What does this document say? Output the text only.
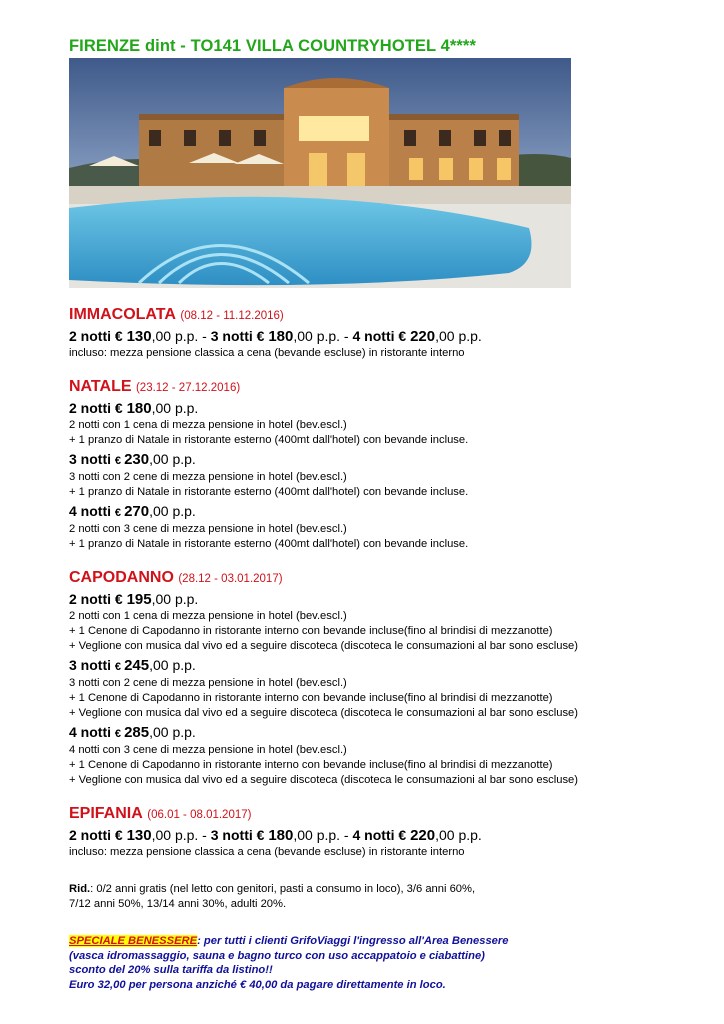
FIRENZE dint - TO141 VILLA COUNTRYHOTEL 4****
IMMACOLATA (08.12 - 11.12.2016)
2 notti € 130,00 p.p. - 3 notti € 180,00 p.p. - 4 notti € 220,00 p.p.
incluso: mezza pensione classica a cena (bevande escluse) in ristorante interno
NATALE (23.12 - 27.12.2016)
2 notti € 180,00 p.p.
2 notti con 1 cena di mezza pensione in hotel (bev.escl.)
+ 1 pranzo di Natale in ristorante esterno (400mt dall'hotel) con bevande incluse.
3 notti € 230,00 p.p.
3 notti con 2 cene di mezza pensione in hotel (bev.escl.)
+ 1 pranzo di Natale in ristorante esterno (400mt dall'hotel) con bevande incluse.
4 notti € 270,00 p.p.
2 notti con 3 cene di mezza pensione in hotel (bev.escl.)
+ 1 pranzo di Natale in ristorante esterno (400mt dall'hotel) con bevande incluse.
CAPODANNO (28.12 - 03.01.2017)
2 notti € 195,00 p.p.
2 notti con 1 cena di mezza pensione in hotel (bev.escl.)
+ 1 Cenone di Capodanno in ristorante interno con bevande incluse(fino al brindisi di mezzanotte)
+ Veglione con musica dal vivo ed a seguire discoteca (discoteca le consumazioni al bar sono escluse)
3 notti € 245,00 p.p.
3 notti con 2 cene di mezza pensione in hotel (bev.escl.)
+ 1 Cenone di Capodanno in ristorante interno con bevande incluse(fino al brindisi di mezzanotte)
+ Veglione con musica dal vivo ed a seguire discoteca (discoteca le consumazioni al bar sono escluse)
4 notti € 285,00 p.p.
4 notti con 3 cene di mezza pensione in hotel (bev.escl.)
+ 1 Cenone di Capodanno in ristorante interno con bevande incluse(fino al brindisi di mezzanotte)
+ Veglione con musica dal vivo ed a seguire discoteca (discoteca le consumazioni al bar sono escluse)
EPIFANIA (06.01 - 08.01.2017)
2 notti € 130,00 p.p. - 3 notti € 180,00 p.p. - 4 notti € 220,00 p.p.
incluso: mezza pensione classica a cena (bevande escluse) in ristorante interno
Rid.: 0/2 anni gratis (nel letto con genitori, pasti a consumo in loco), 3/6 anni 60%,
7/12 anni 50%, 13/14 anni 30%, adulti 20%.
SPECIALE BENESSERE: per tutti i clienti GrifoViaggi l'ingresso all'Area Benessere
(vasca idromassaggio, sauna e bagno turco con uso accappatoio e ciabattine)
sconto del 20% sulla tariffa da listino!!
Euro 32,00 per persona anziché € 40,00 da pagare direttamente in loco.
